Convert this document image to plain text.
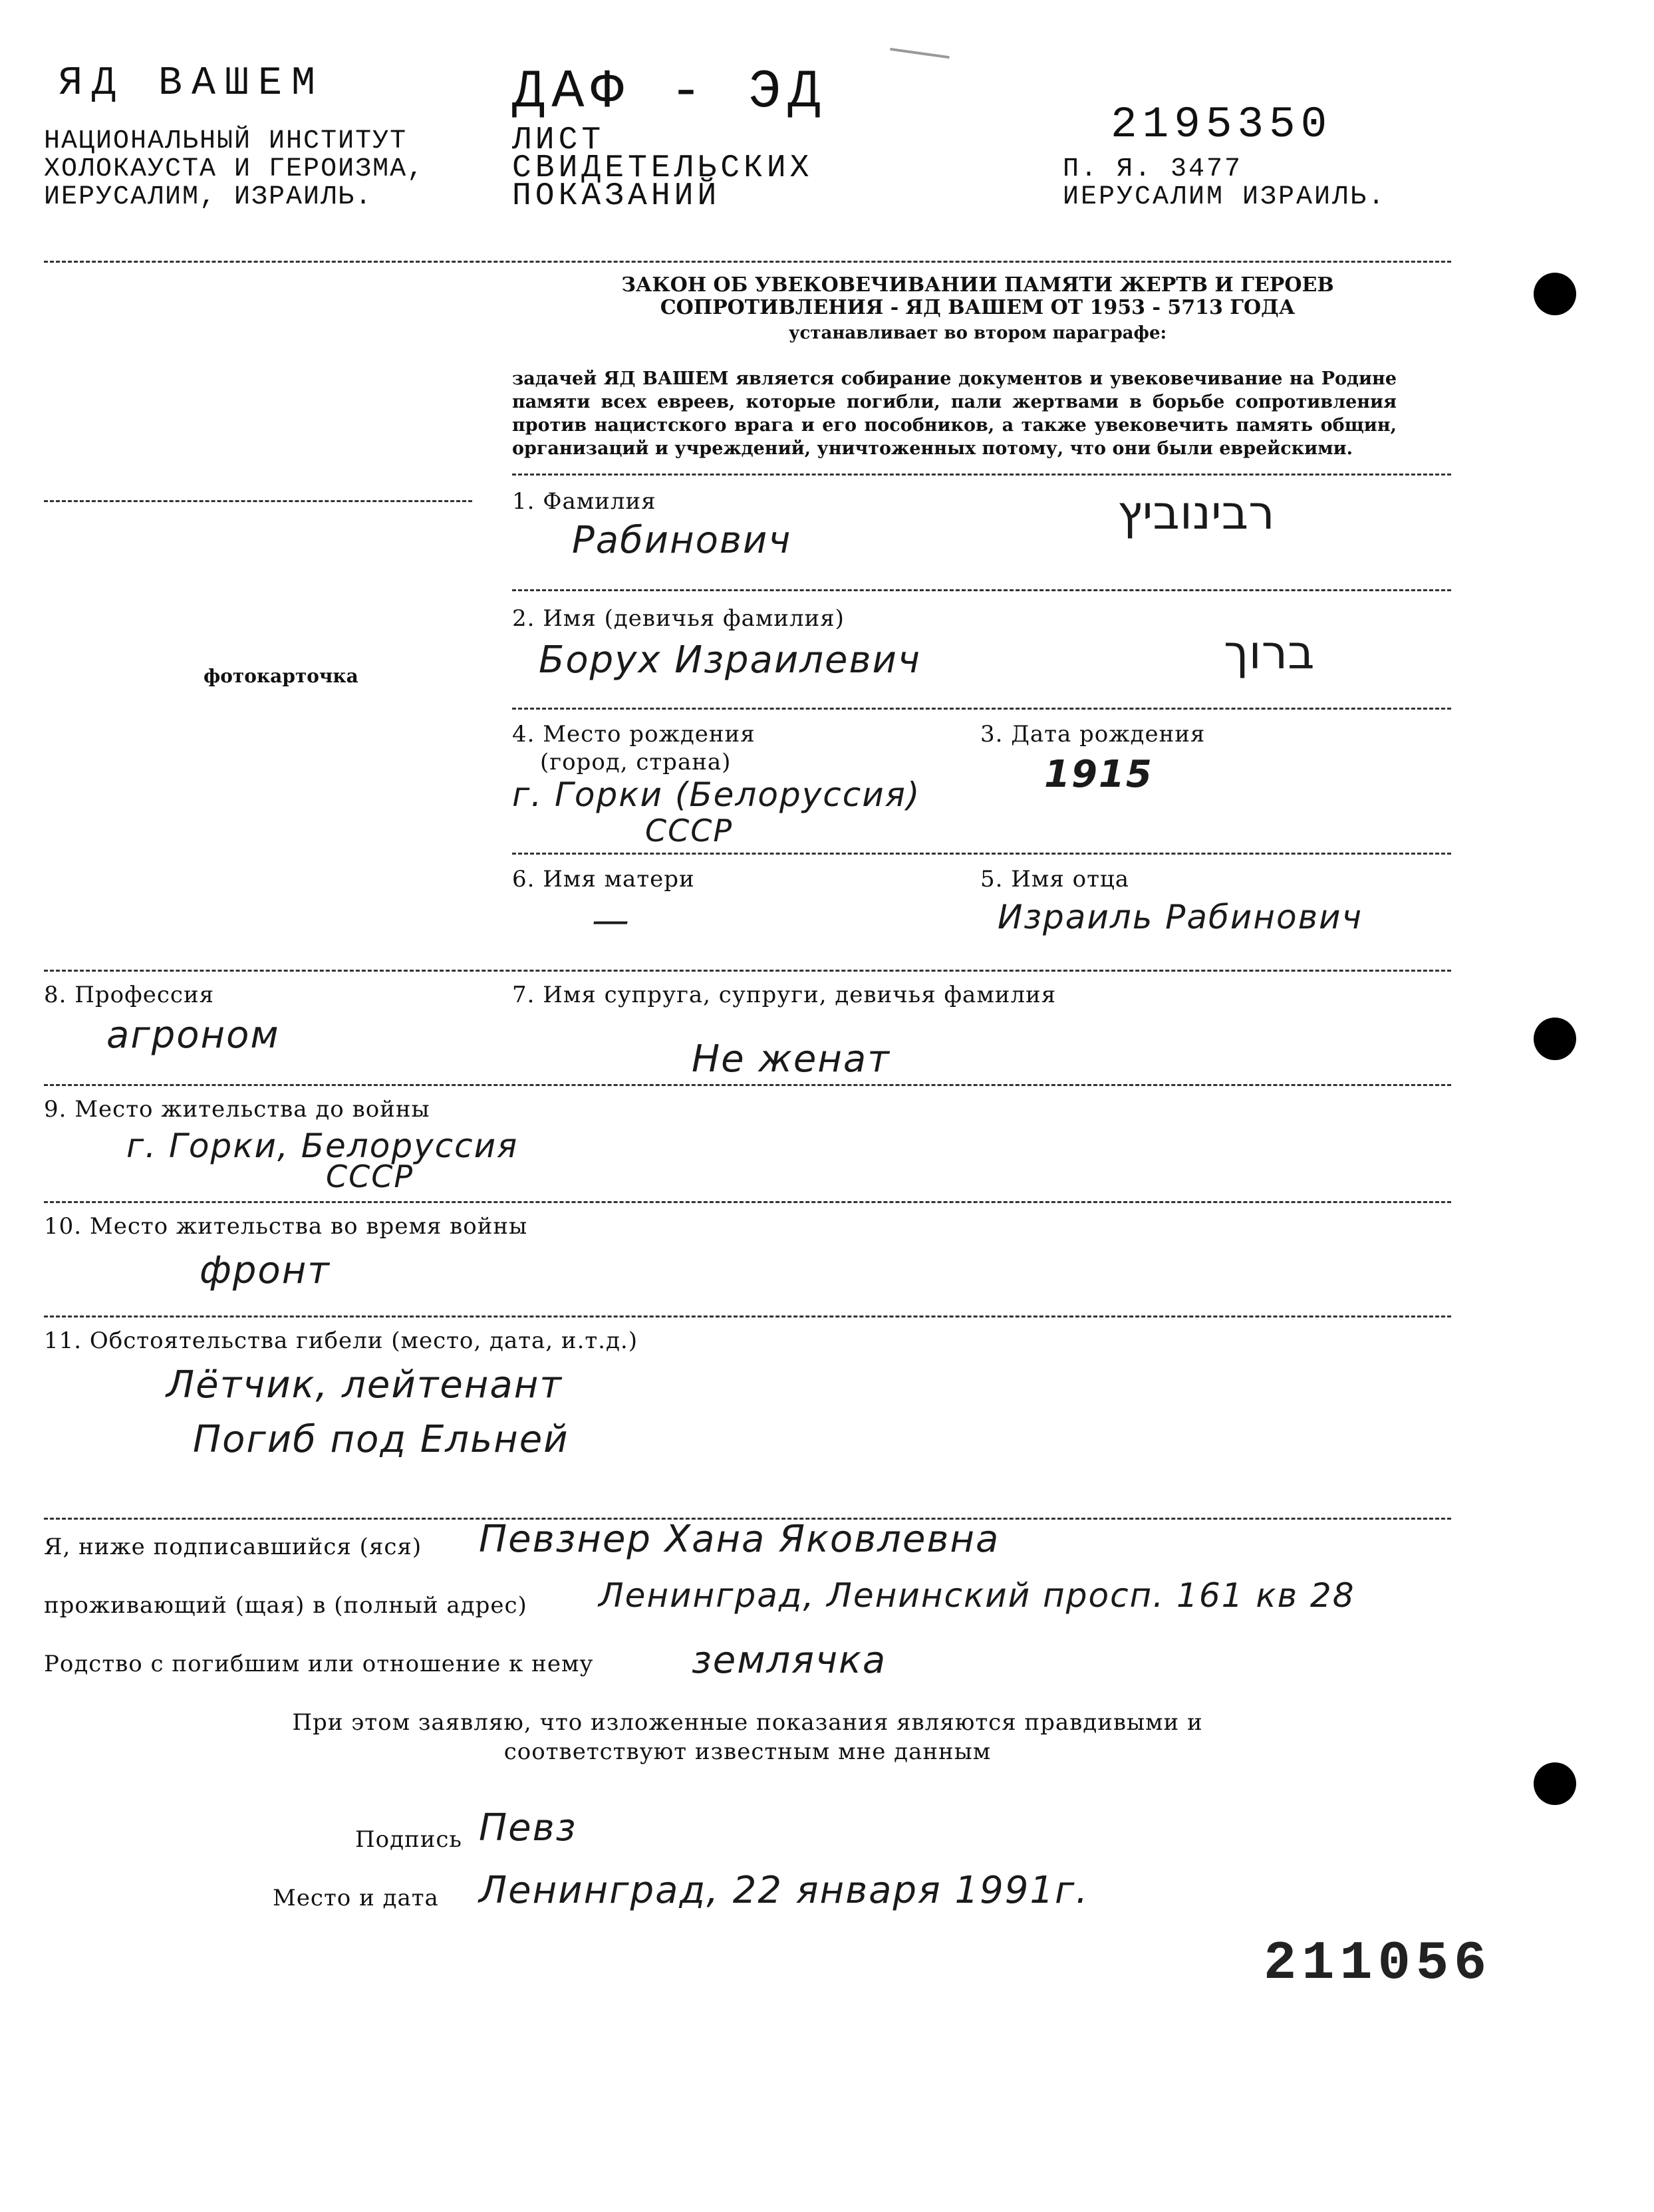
ЯД ВАШЕМ
НАЦИОНАЛЬНЫЙ ИНСТИТУТ
ХОЛОКАУСТА И ГЕРОИЗМА,
ИЕРУСАЛИМ, ИЗРАИЛЬ.
ДАФ - ЭД
ЛИСТ
СВИДЕТЕЛЬСКИХ
ПОКАЗАНИЙ
2195350
П. Я. 3477
ИЕРУСАЛИМ ИЗРАИЛЬ.
ЗАКОН ОБ УВЕКОВЕЧИВАНИИ ПАМЯТИ ЖЕРТВ И ГЕРОЕВ
СОПРОТИВЛЕНИЯ - ЯД ВАШЕМ ОТ 1953 - 5713 ГОДА
устанавливает во втором параграфе:
задачей ЯД ВАШЕМ является собирание документов и увековечивание на Родине памяти всех евреев, которые погибли, пали жертвами в борьбе сопротивления против нацистского врага и его пособников, а также увековечить память общин, организаций и учреждений, уничтоженных потому, что они были еврейскими.
фотокарточка
1. Фамилия
Рабинович
רבינוביץ
2. Имя (девичья фамилия)
Борух Израилевич	ברוך
4. Место рождения
(город, страна)
г. Горки (Белоруссия)
СССР
3. Дата рождения
1915
6. Имя матери
—
5. Имя отца
Израиль Рабинович
8. Профессия
агроном
7. Имя супруга, супруги, девичья фамилия
Не женат
9. Место жительства до войны
г. Горки, Белоруссия
СССР
10. Место жительства во время войны
фронт
11. Обстоятельства гибели (место, дата, и.т.д.)
Лётчик, лейтенант
Погиб под Ельней
Я, ниже подписавшийся (яся) Певзнер Хана Яковлевна
проживающий (щая) в (полный адрес) Ленинград, Ленинский просп. 161 кв 28
Родство с погибшим или отношение к нему	землячка
При этом заявляю, что изложенные показания являются правдивыми и
соответствуют известным мне данным
Подпись Певз
Место и дата Ленинград, 22 января 1991г.
211056
